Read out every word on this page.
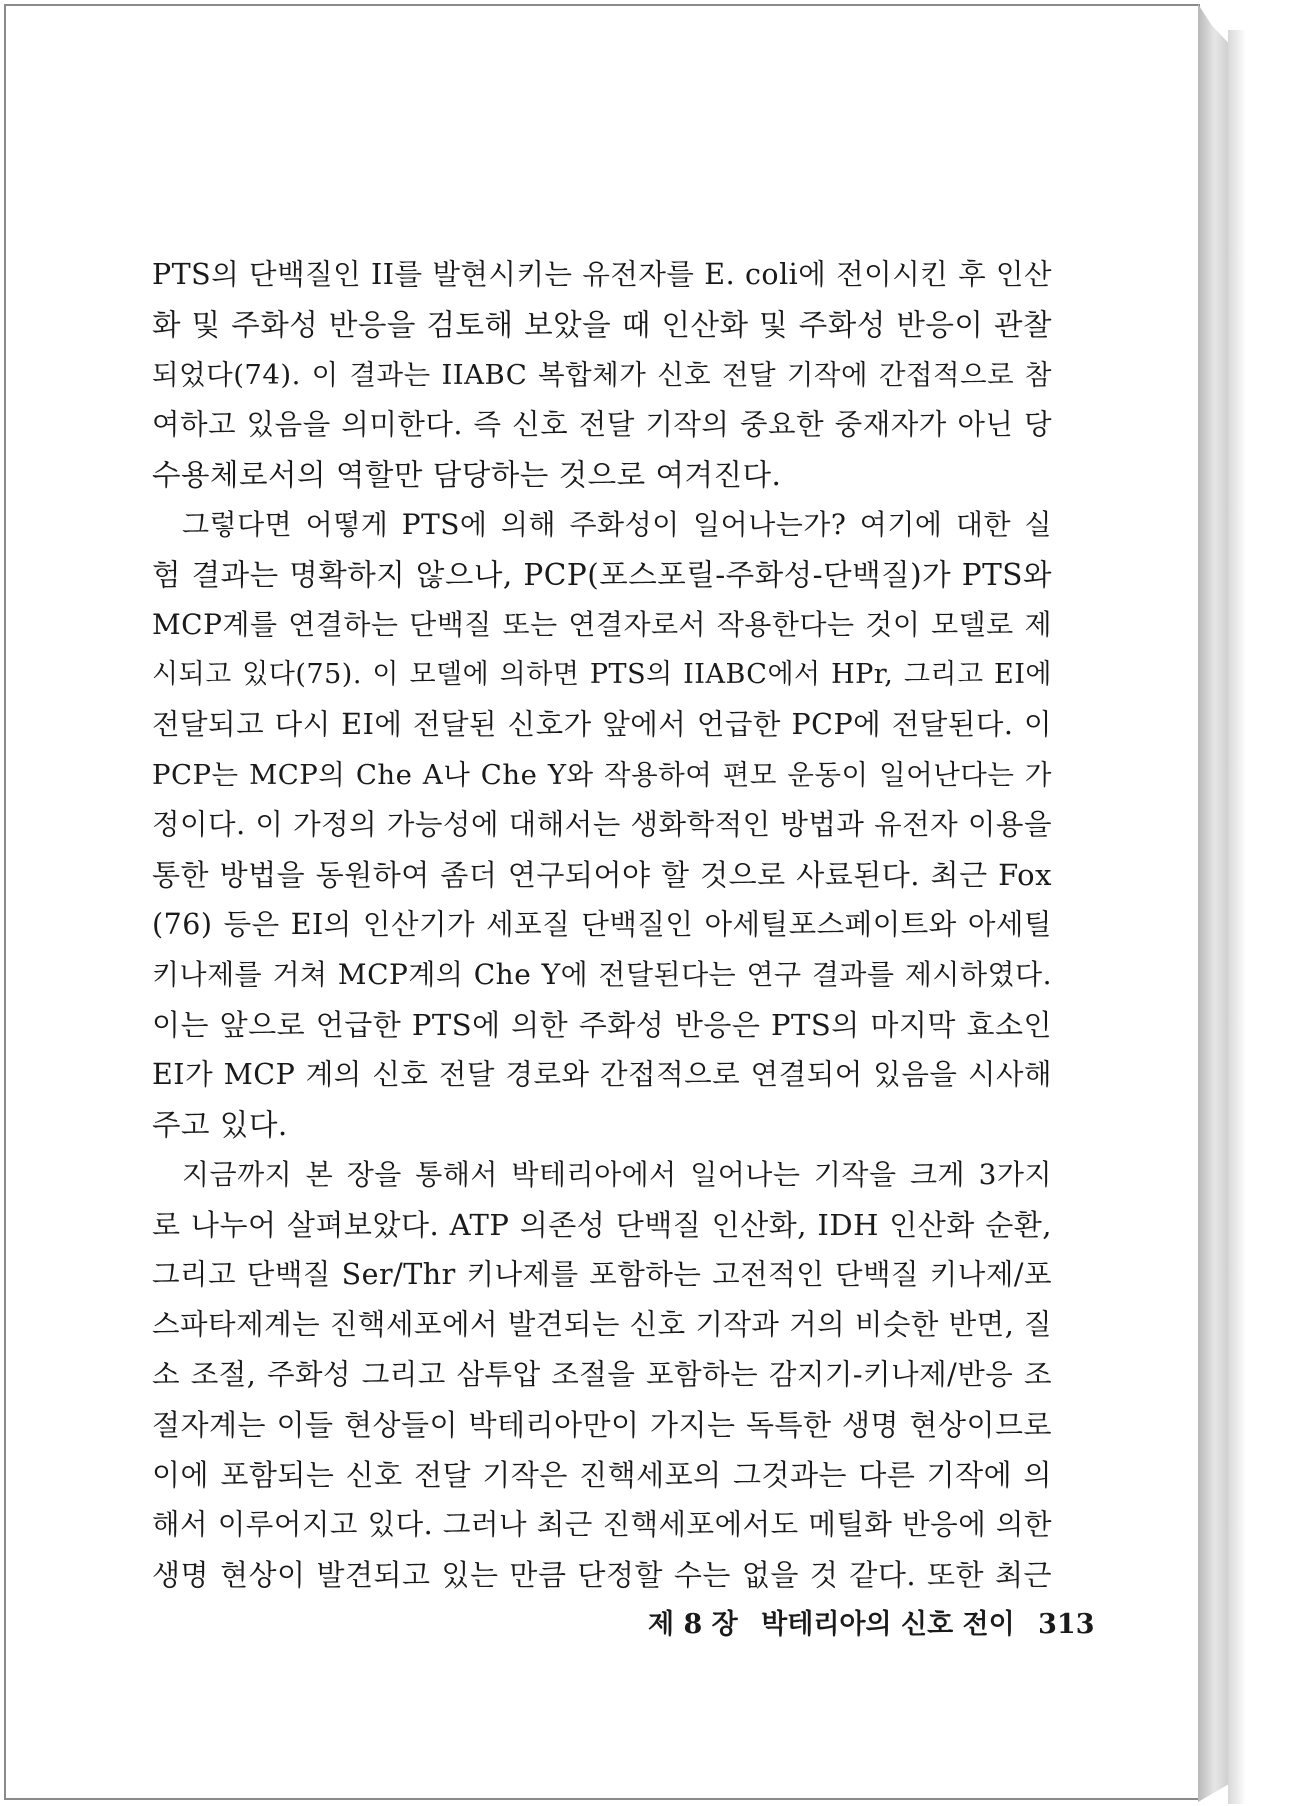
PTS의 단백질인 II를 발현시키는 유전자를 E. coli에 전이시킨 후 인산
화 및 주화성 반응을 검토해 보았을 때 인산화 및 주화성 반응이 관찰
되었다(74). 이 결과는 IIABC 복합체가 신호 전달 기작에 간접적으로 참
여하고 있음을 의미한다. 즉 신호 전달 기작의 중요한 중재자가 아닌 당
수용체로서의 역할만 담당하는 것으로 여겨진다.
그렇다면 어떻게 PTS에 의해 주화성이 일어나는가? 여기에 대한 실
험 결과는 명확하지 않으나, PCP(포스포릴-주화성-단백질)가 PTS와
MCP계를 연결하는 단백질 또는 연결자로서 작용한다는 것이 모델로 제
시되고 있다(75). 이 모델에 의하면 PTS의 IIABC에서 HPr, 그리고 EI에
전달되고 다시 EI에 전달된 신호가 앞에서 언급한 PCP에 전달된다. 이
PCP는 MCP의 Che A나 Che Y와 작용하여 편모 운동이 일어난다는 가
정이다. 이 가정의 가능성에 대해서는 생화학적인 방법과 유전자 이용을
통한 방법을 동원하여 좀더 연구되어야 할 것으로 사료된다. 최근 Fox
(76) 등은 EI의 인산기가 세포질 단백질인 아세틸포스페이트와 아세틸
키나제를 거쳐 MCP계의 Che Y에 전달된다는 연구 결과를 제시하였다.
이는 앞으로 언급한 PTS에 의한 주화성 반응은 PTS의 마지막 효소인
EI가 MCP 계의 신호 전달 경로와 간접적으로 연결되어 있음을 시사해
주고 있다.
지금까지 본 장을 통해서 박테리아에서 일어나는 기작을 크게 3가지
로 나누어 살펴보았다. ATP 의존성 단백질 인산화, IDH 인산화 순환,
그리고 단백질 Ser/Thr 키나제를 포함하는 고전적인 단백질 키나제/포
스파타제계는 진핵세포에서 발견되는 신호 기작과 거의 비슷한 반면, 질
소 조절, 주화성 그리고 삼투압 조절을 포함하는 감지기-키나제/반응 조
절자계는 이들 현상들이 박테리아만이 가지는 독특한 생명 현상이므로
이에 포함되는 신호 전달 기작은 진핵세포의 그것과는 다른 기작에 의
해서 이루어지고 있다. 그러나 최근 진핵세포에서도 메틸화 반응에 의한
생명 현상이 발견되고 있는 만큼 단정할 수는 없을 것 같다. 또한 최근
제 8 장 박테리아의 신호 전이 313
